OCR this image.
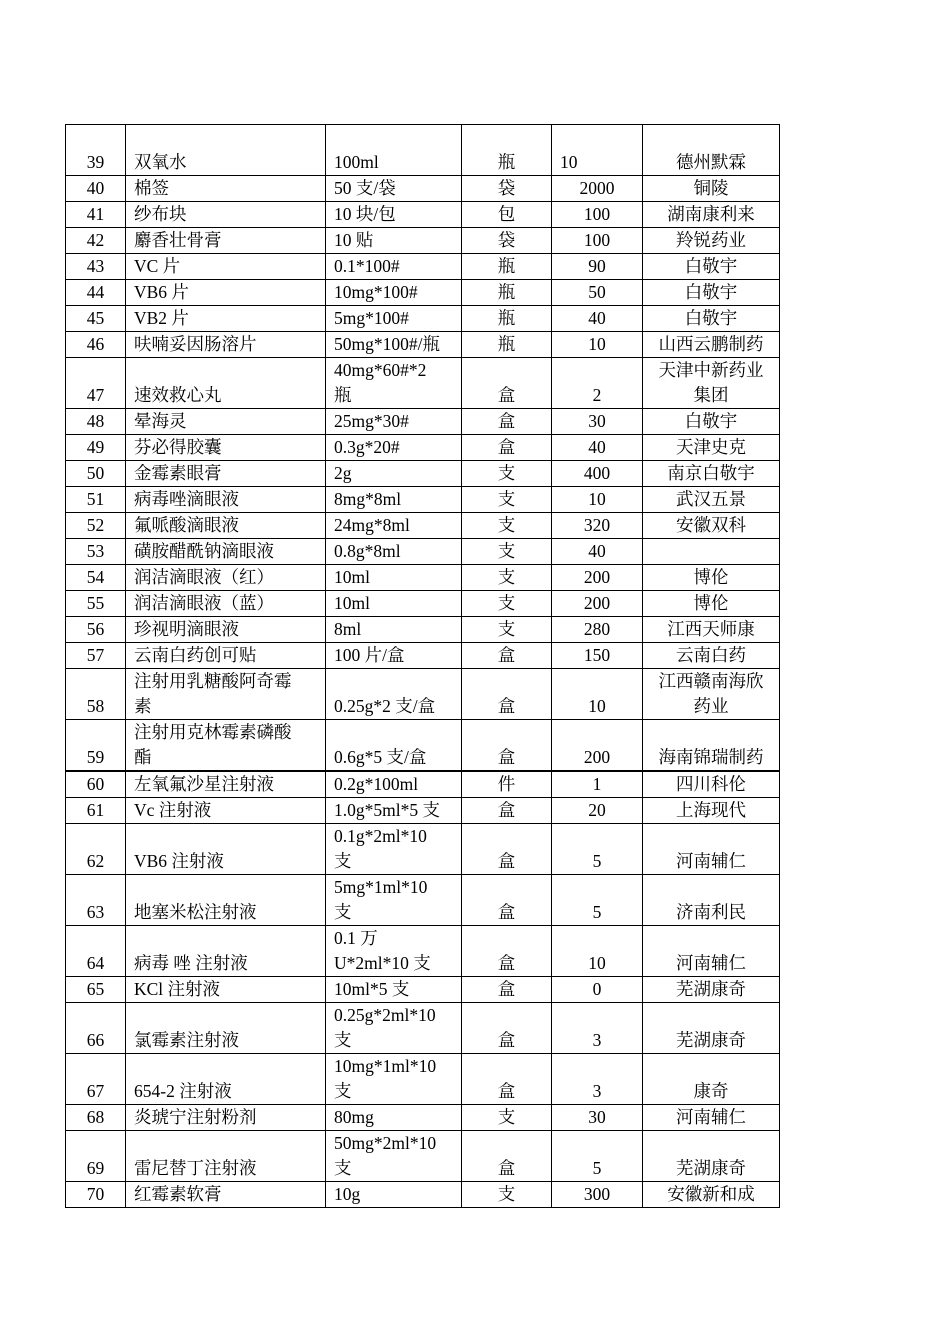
39	双氧水	100ml	瓶	10	德州默霖

40	棉签	50 支/袋	袋	2000	铜陵

41	纱布块	10 块/包	包	100	湖南康利来

42	麝香壮骨膏	10 贴	袋	100	羚锐药业

43	VC 片	0.1*100#	瓶	90	白敬宇

44	VB6 片	10mg*100#	瓶	50	白敬宇

45	VB2 片	5mg*100#	瓶	40	白敬宇

46	呋喃妥因肠溶片	50mg*100#/瓶	瓶	10	山西云鹏制药

47	速效救心丸	40mg*60#*2
瓶	盒	2	天津中新药业
集团

48	晕海灵	25mg*30#	盒	30	白敬宇

49	芬必得胶囊	0.3g*20#	盒	40	天津史克

50	金霉素眼膏	2g	支	400	南京白敬宇

51	病毒唑滴眼液	8mg*8ml	支	10	武汉五景

52	氟哌酸滴眼液	24mg*8ml	支	320	安徽双科

53	磺胺醋酰钠滴眼液	0.8g*8ml	支	40	

54	润洁滴眼液（红）	10ml	支	200	博伦

55	润洁滴眼液（蓝）	10ml	支	200	博伦

56	珍视明滴眼液	8ml	支	280	江西天师康

57	云南白药创可贴	100 片/盒	盒	150	云南白药

58	注射用乳糖酸阿奇霉
素	0.25g*2 支/盒	盒	10	江西赣南海欣
药业

59	注射用克林霉素磷酸
酯	0.6g*5 支/盒	盒	200	海南锦瑞制药

60	左氧氟沙星注射液	0.2g*100ml	件	1	四川科伦

61	Vc 注射液	1.0g*5ml*5 支	盒	20	上海现代

62	VB6 注射液	0.1g*2ml*10
支	盒	5	河南辅仁

63	地塞米松注射液	5mg*1ml*10
支	盒	5	济南利民

64	病毒 唑 注射液	0.1 万
U*2ml*10 支	盒	10	河南辅仁

65	KCl 注射液	10ml*5 支	盒	0	芜湖康奇

66	氯霉素注射液	0.25g*2ml*10
支	盒	3	芜湖康奇

67	654-2 注射液	10mg*1ml*10
支	盒	3	康奇

68	炎琥宁注射粉剂	80mg	支	30	河南辅仁

69	雷尼替丁注射液	50mg*2ml*10
支	盒	5	芜湖康奇

70	红霉素软膏	10g	支	300	安徽新和成
